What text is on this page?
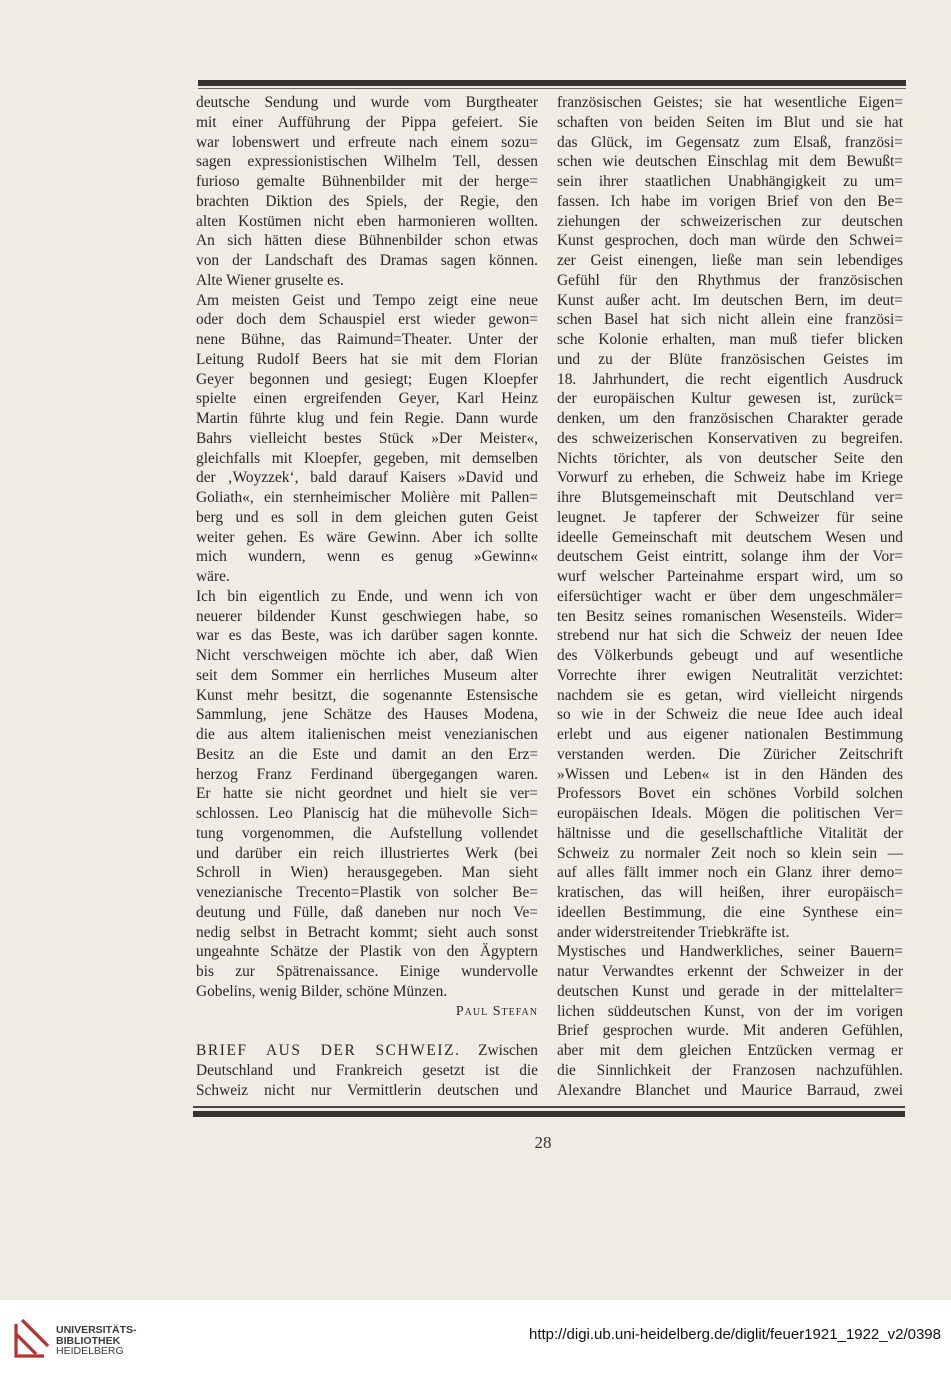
deutsche Sendung und wurde vom Burgtheater
mit einer Aufführung der Pippa gefeiert. Sie
war lobenswert und erfreute nach einem sozu=
sagen expressionistischen Wilhelm Tell, dessen
furioso gemalte Bühnenbilder mit der herge=
brachten Diktion des Spiels, der Regie, den
alten Kostümen nicht eben harmonieren wollten.
An sich hätten diese Bühnenbilder schon etwas
von der Landschaft des Dramas sagen können.
Alte Wiener gruselte es.
Am meisten Geist und Tempo zeigt eine neue
oder doch dem Schauspiel erst wieder gewon=
nene Bühne, das Raimund=Theater. Unter der
Leitung Rudolf Beers hat sie mit dem Florian
Geyer begonnen und gesiegt; Eugen Kloepfer
spielte einen ergreifenden Geyer, Karl Heinz
Martin führte klug und fein Regie. Dann wurde
Bahrs vielleicht bestes Stück »Der Meister«,
gleichfalls mit Kloepfer, gegeben, mit demselben
der ‚Woyzzek‘, bald darauf Kaisers »David und
Goliath«, ein sternheimischer Molière mit Pallen=
berg und es soll in dem gleichen guten Geist
weiter gehen. Es wäre Gewinn. Aber ich sollte
mich wundern, wenn es genug »Gewinn«
wäre.
Ich bin eigentlich zu Ende, und wenn ich von
neuerer bildender Kunst geschwiegen habe, so
war es das Beste, was ich darüber sagen konnte.
Nicht verschweigen möchte ich aber, daß Wien
seit dem Sommer ein herrliches Museum alter
Kunst mehr besitzt, die sogenannte Estensische
Sammlung, jene Schätze des Hauses Modena,
die aus altem italienischen meist venezianischen
Besitz an die Este und damit an den Erz=
herzog Franz Ferdinand übergegangen waren.
Er hatte sie nicht geordnet und hielt sie ver=
schlossen. Leo Planiscig hat die mühevolle Sich=
tung vorgenommen, die Aufstellung vollendet
und darüber ein reich illustriertes Werk (bei
Schroll in Wien) herausgegeben. Man sieht
venezianische Trecento=Plastik von solcher Be=
deutung und Fülle, daß daneben nur noch Ve=
nedig selbst in Betracht kommt; sieht auch sonst
ungeahnte Schätze der Plastik von den Ägyptern
bis zur Spätrenaissance. Einige wundervolle
Gobelins, wenig Bilder, schöne Münzen.
Paul Stefan
BRIEF AUS DER SCHWEIZ. Zwischen
Deutschland und Frankreich gesetzt ist die
Schweiz nicht nur Vermittlerin deutschen und
französischen Geistes; sie hat wesentliche Eigen=
schaften von beiden Seiten im Blut und sie hat
das Glück, im Gegensatz zum Elsaß, französi=
schen wie deutschen Einschlag mit dem Bewußt=
sein ihrer staatlichen Unabhängigkeit zu um=
fassen. Ich habe im vorigen Brief von den Be=
ziehungen der schweizerischen zur deutschen
Kunst gesprochen, doch man würde den Schwei=
zer Geist einengen, ließe man sein lebendiges
Gefühl für den Rhythmus der französischen
Kunst außer acht. Im deutschen Bern, im deut=
schen Basel hat sich nicht allein eine französi=
sche Kolonie erhalten, man muß tiefer blicken
und zu der Blüte französischen Geistes im
18. Jahrhundert, die recht eigentlich Ausdruck
der europäischen Kultur gewesen ist, zurück=
denken, um den französischen Charakter gerade
des schweizerischen Konservativen zu begreifen.
Nichts törichter, als von deutscher Seite den
Vorwurf zu erheben, die Schweiz habe im Kriege
ihre Blutsgemeinschaft mit Deutschland ver=
leugnet. Je tapferer der Schweizer für seine
ideelle Gemeinschaft mit deutschem Wesen und
deutschem Geist eintritt, solange ihm der Vor=
wurf welscher Parteinahme erspart wird, um so
eifersüchtiger wacht er über dem ungeschmäler=
ten Besitz seines romanischen Wesensteils. Wider=
strebend nur hat sich die Schweiz der neuen Idee
des Völkerbunds gebeugt und auf wesentliche
Vorrechte ihrer ewigen Neutralität verzichtet:
nachdem sie es getan, wird vielleicht nirgends
so wie in der Schweiz die neue Idee auch ideal
erlebt und aus eigener nationalen Bestimmung
verstanden werden. Die Züricher Zeitschrift
»Wissen und Leben« ist in den Händen des
Professors Bovet ein schönes Vorbild solchen
europäischen Ideals. Mögen die politischen Ver=
hältnisse und die gesellschaftliche Vitalität der
Schweiz zu normaler Zeit noch so klein sein —
auf alles fällt immer noch ein Glanz ihrer demo=
kratischen, das will heißen, ihrer europäisch=
ideellen Bestimmung, die eine Synthese ein=
ander widerstreitender Triebkräfte ist.
Mystisches und Handwerkliches, seiner Bauern=
natur Verwandtes erkennt der Schweizer in der
deutschen Kunst und gerade in der mittelalter=
lichen süddeutschen Kunst, von der im vorigen
Brief gesprochen wurde. Mit anderen Gefühlen,
aber mit dem gleichen Entzücken vermag er
die Sinnlichkeit der Franzosen nachzufühlen.
Alexandre Blanchet und Maurice Barraud, zwei
28
UNIVERSITÄTS-
BIBLIOTHEK
HEIDELBERG
http://digi.ub.uni-heidelberg.de/diglit/feuer1921_1922_v2/0398
